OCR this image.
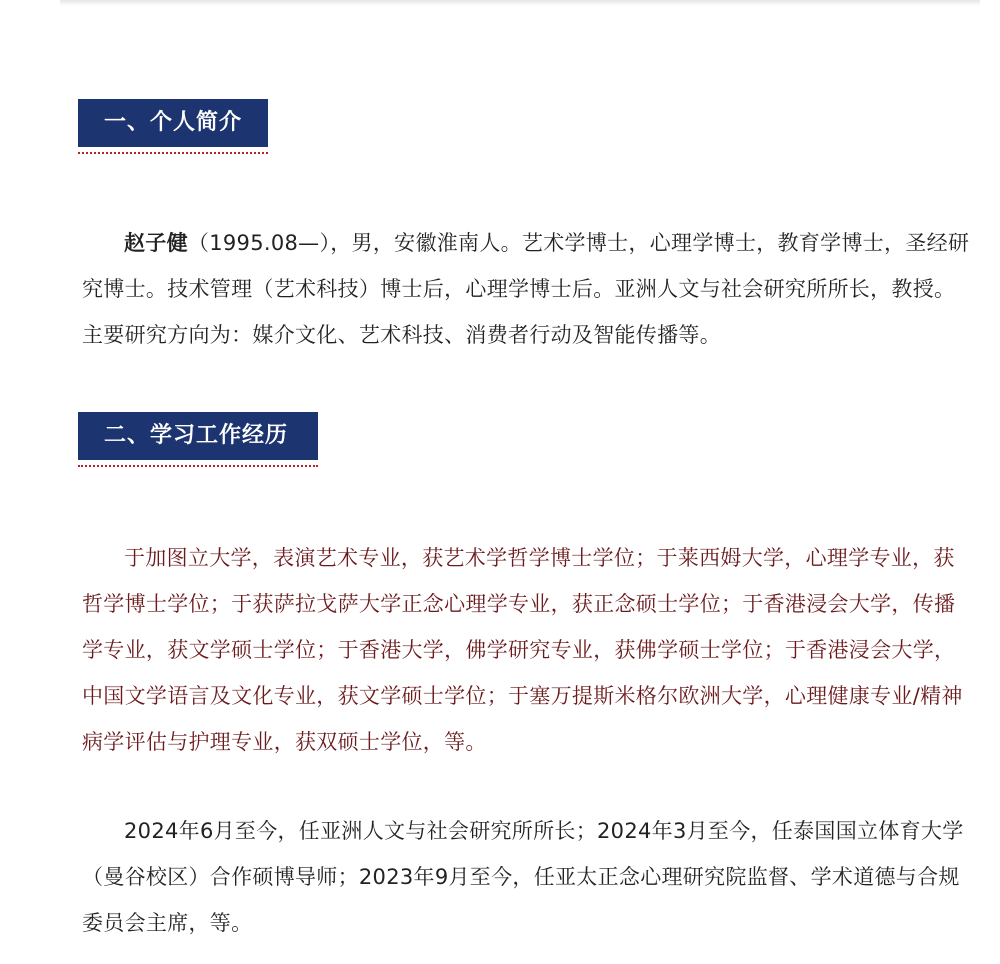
一、个人简介
赵子健（1995.08—），男，安徽淮南人。艺术学博士，心理学博士，教育学博士，圣经研究博士。技术管理（艺术科技）博士后，心理学博士后。亚洲人文与社会研究所所长，教授。主要研究方向为：媒介文化、艺术科技、消费者行动及智能传播等。
二、学习工作经历
于加图立大学，表演艺术专业，获艺术学哲学博士学位；于莱西姆大学，心理学专业，获哲学博士学位；于获萨拉戈萨大学正念心理学专业，获正念硕士学位；于香港浸会大学，传播学专业，获文学硕士学位；于香港大学，佛学研究专业，获佛学硕士学位；于香港浸会大学，中国文学语言及文化专业，获文学硕士学位；于塞万提斯米格尔欧洲大学，心理健康专业/精神病学评估与护理专业，获双硕士学位，等。
2024年6月至今，任亚洲人文与社会研究所所长；2024年3月至今，任泰国国立体育大学（曼谷校区）合作硕博导师；2023年9月至今，任亚太正念心理研究院监督、学术道德与合规委员会主席，等。
